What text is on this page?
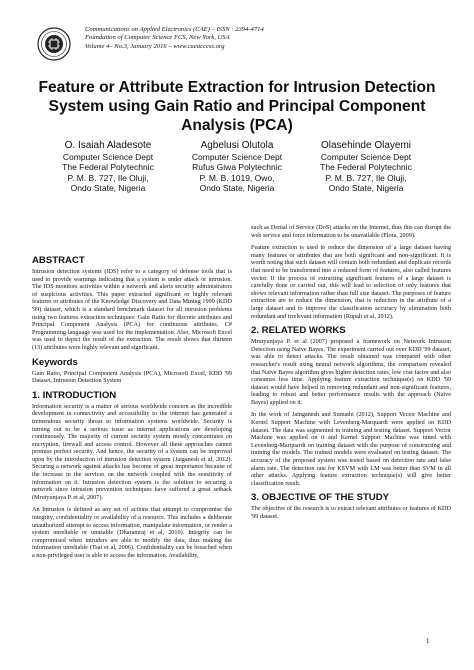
Communications on Applied Electronics (CAE) – ISSN : 2394-4714
Foundation of Computer Science FCS, New York, USA
Volume 4– No.3, January 2016 – www.caeaccess.org
Feature or Attribute Extraction for Intrusion Detection
System using Gain Ratio and Principal Component
Analysis (PCA)
O. Isaiah Aladesote
Computer Science Dept
The Federal Polytechnic
P. M. B. 727, Ile Oluji,
Ondo State, Nigeria
Agbelusi Olutola
Computer Science Dept
Rufus Giwa Polytechnic
P. M. B. 1019, Owo,
Ondo State, Nigeria
Olasehinde Olayemi
Computer Science Dept
The Federal Polytechnic
P. M. B. 727, Ile Oluji,
Ondo State, Nigeria
ABSTRACT
Intrusion detection systems (IDS) refer to a category of defense tools that is used to provide warnings indicating that a system is under attack or intrusion. The IDS monitors activities within a network and alerts security administrators of suspicious activities. This paper extracted significant or highly relevant features or attributes of the Knowledge Discovery and Data Mining 1999 (KDD '99) dataset, which is a standard benchmark dataset for all intrusion problems using two features extraction techniques: Gain Ratio for discrete attributes and Principal Component Analysis (PCA) for continuous attributes. C# Programming language was used for the implementation. Also, Microsoft Excel was used to depict the result of the extraction. The result shows that thirteen (13) attributes were highly relevant and significant.
Keywords
Gain Ratio, Principal Component Analysis (PCA), Microsoft Excel, KDD '99 Dataset, Intrusion Detection System
1. INTRODUCTION
Information security is a matter of serious worldwide concern as the incredible development in connectivity and accessibility to the internet has generated a tremendous security threat to information systems worldwide. Security is turning out to be a serious issue as internet applications are developing continuously. The majority of current security system mostly concentrates on encryption, firewall and access control. However all these approaches cannot promise perfect security. And hence, the security of a system can be improved upon by the introduction of intrusion detection system (Jaiganesh et al, 2012). Securing a network against attacks has become of great importance because of the increase in the services on the network coupled with the sensitivity of information on it. Intrusion detection system is the solution to securing a network since intrusion prevention techniques have suffered a great setback (Mrutyunjaya P. et al, 2007).
An Intrusion is defined as any set of actions that attempt to compromise the integrity, confidentiality or availability of a resource. This includes a deliberate unauthorized attempt to access information, manipulate information, or render a system unreliable or unusable (Dharamraj et al, 2010). Integrity can be compromised when intruders are able to modify the data, thus making the information unreliable (Tsai et al, 2006). Confidentiality can be breached when a non-privileged user is able to access the information. Availability,
such as Denial of Service (DoS) attacks on the Internet, thus this can disrupt the web service and force information to be unavailable (Flora, 2009).
Feature extraction is used to reduce the dimension of a large dataset having many features or attributes that are both significant and non-significant. It is worth noting that such dataset will contain both redundant and duplicate records that need to be transformed into a reduced form of features, also called features vector. If the process of extracting significant features of a large dataset is carefully done or carried out, this will lead to selection of only features that shows relevant information rather than full size dataset. The purposes of feature extraction are to reduce the dimension, that is reduction in the attribute of a large dataset and to improve the classification accuracy by elimination both redundant and irrelevant information (Rupali et al, 2012).
2. RELATED WORKS
Mrutyunjaya P. et al (2007) proposed a framework on Network Intrusion Detection using Naïve Bayes. The experiment carried out over KDD '99 dataset, was able to detect attacks. The result obtained was compared with other researcher's result using neural network algorithms, the comparison revealed that Naïve Bayes algorithm gives higher detection rates, low cost factor and also consumes less time. Applying feature extraction technique(s) on KDD '99 dataset would have helped in removing redundant and non-significant features, leading to robust and better performance results with the approach (Naïve Bayes) applied on it.
In the work of Jainganesh and Sumathi (2012), Support Vector Machine and Kernel Support Machine with Levenberg-Marquardt were applied on KDD dataset. The data was segmented in training and testing dataset. Support Vector Machine was applied on it and Kernel Support Machine was tuned with Levenberg-Marquardt on training dataset with the purpose of constructing and training the models. The trained models were evaluated on testing dataset. The accuracy of the proposed system was tested based on detection rate and false alarm rate. The detection rate for KSVM with LM was better than SVM in all other attacks. Applying feature extraction technique(s) will give better classification result.
3. OBJECTIVE OF THE STUDY
The objective of the research is to extract relevant attributes or features of KDD '99 dataset.
1
